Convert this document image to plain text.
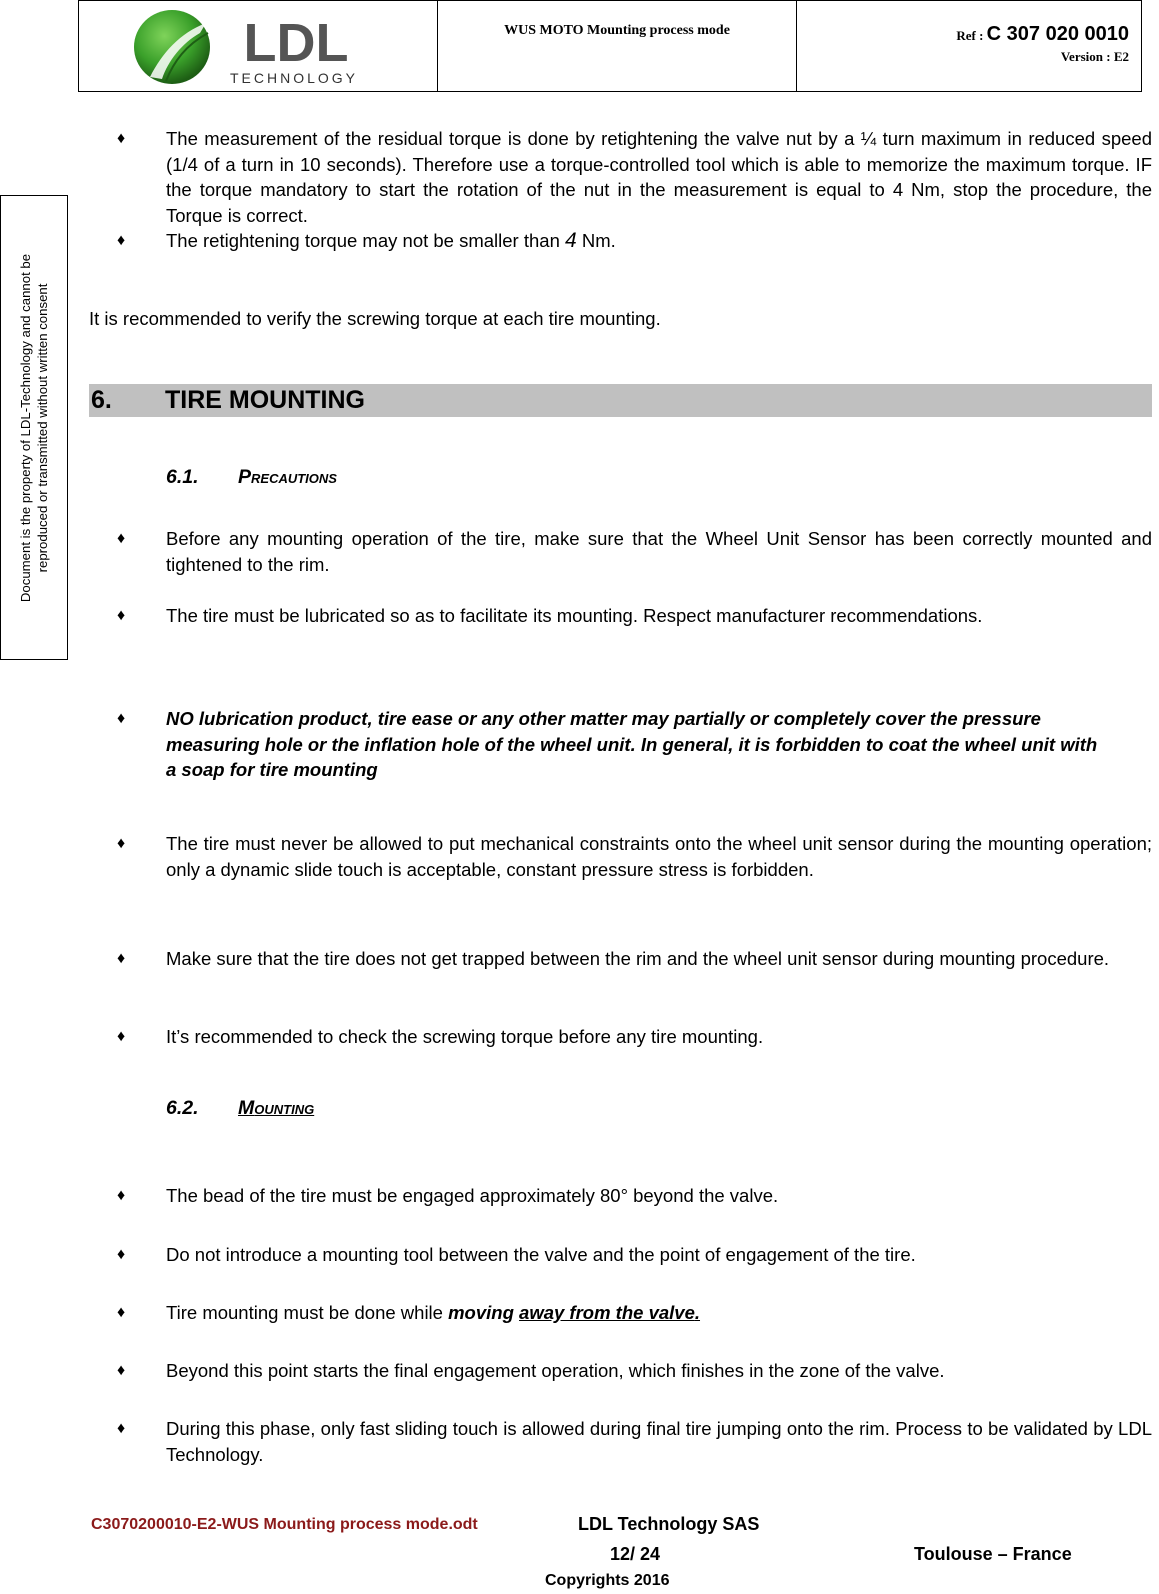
LDL
TECHNOLOGY
WUS MOTO Mounting process mode	Ref : C 307 020 0010
Version : E2
Document is the property of LDL-Technology and cannot be reproduced or transmitted without written consent
♦ The measurement of the residual torque is done by retightening the valve nut by a ¼ turn maximum in reduced speed (1/4 of a turn in 10 seconds). Therefore use a torque-controlled tool which is able to memorize the maximum torque. IF the torque mandatory to start the rotation of the nut in the measurement is equal to 4 Nm, stop the procedure, the Torque is correct.
♦ The retightening torque may not be smaller than 4 Nm.
It is recommended to verify the screwing torque at each tire mounting.
6. TIRE MOUNTING
6.1. PRECAUTIONS
♦ Before any mounting operation of the tire, make sure that the Wheel Unit Sensor has been correctly mounted and tightened to the rim.
♦ The tire must be lubricated so as to facilitate its mounting. Respect manufacturer recommendations.
♦ NO lubrication product, tire ease or any other matter may partially or completely cover the pressure measuring hole or the inflation hole of the wheel unit. In general, it is forbidden to coat the wheel unit with a soap for tire mounting
♦ The tire must never be allowed to put mechanical constraints onto the wheel unit sensor during the mounting operation; only a dynamic slide touch is acceptable, constant pressure stress is forbidden.
♦ Make sure that the tire does not get trapped between the rim and the wheel unit sensor during mounting procedure.
♦ It’s recommended to check the screwing torque before any tire mounting.
6.2. MOUNTING
♦ The bead of the tire must be engaged approximately 80° beyond the valve.
♦ Do not introduce a mounting tool between the valve and the point of engagement of the tire.
♦ Tire mounting must be done while moving away from the valve.
♦ Beyond this point starts the final engagement operation, which finishes in the zone of the valve.
♦ During this phase, only fast sliding touch is allowed during final tire jumping onto the rim. Process to be validated by LDL Technology.
C3070200010-E2-WUS Mounting process mode.odt	LDL Technology SAS
12/ 24	Toulouse – France
Copyrights 2016
